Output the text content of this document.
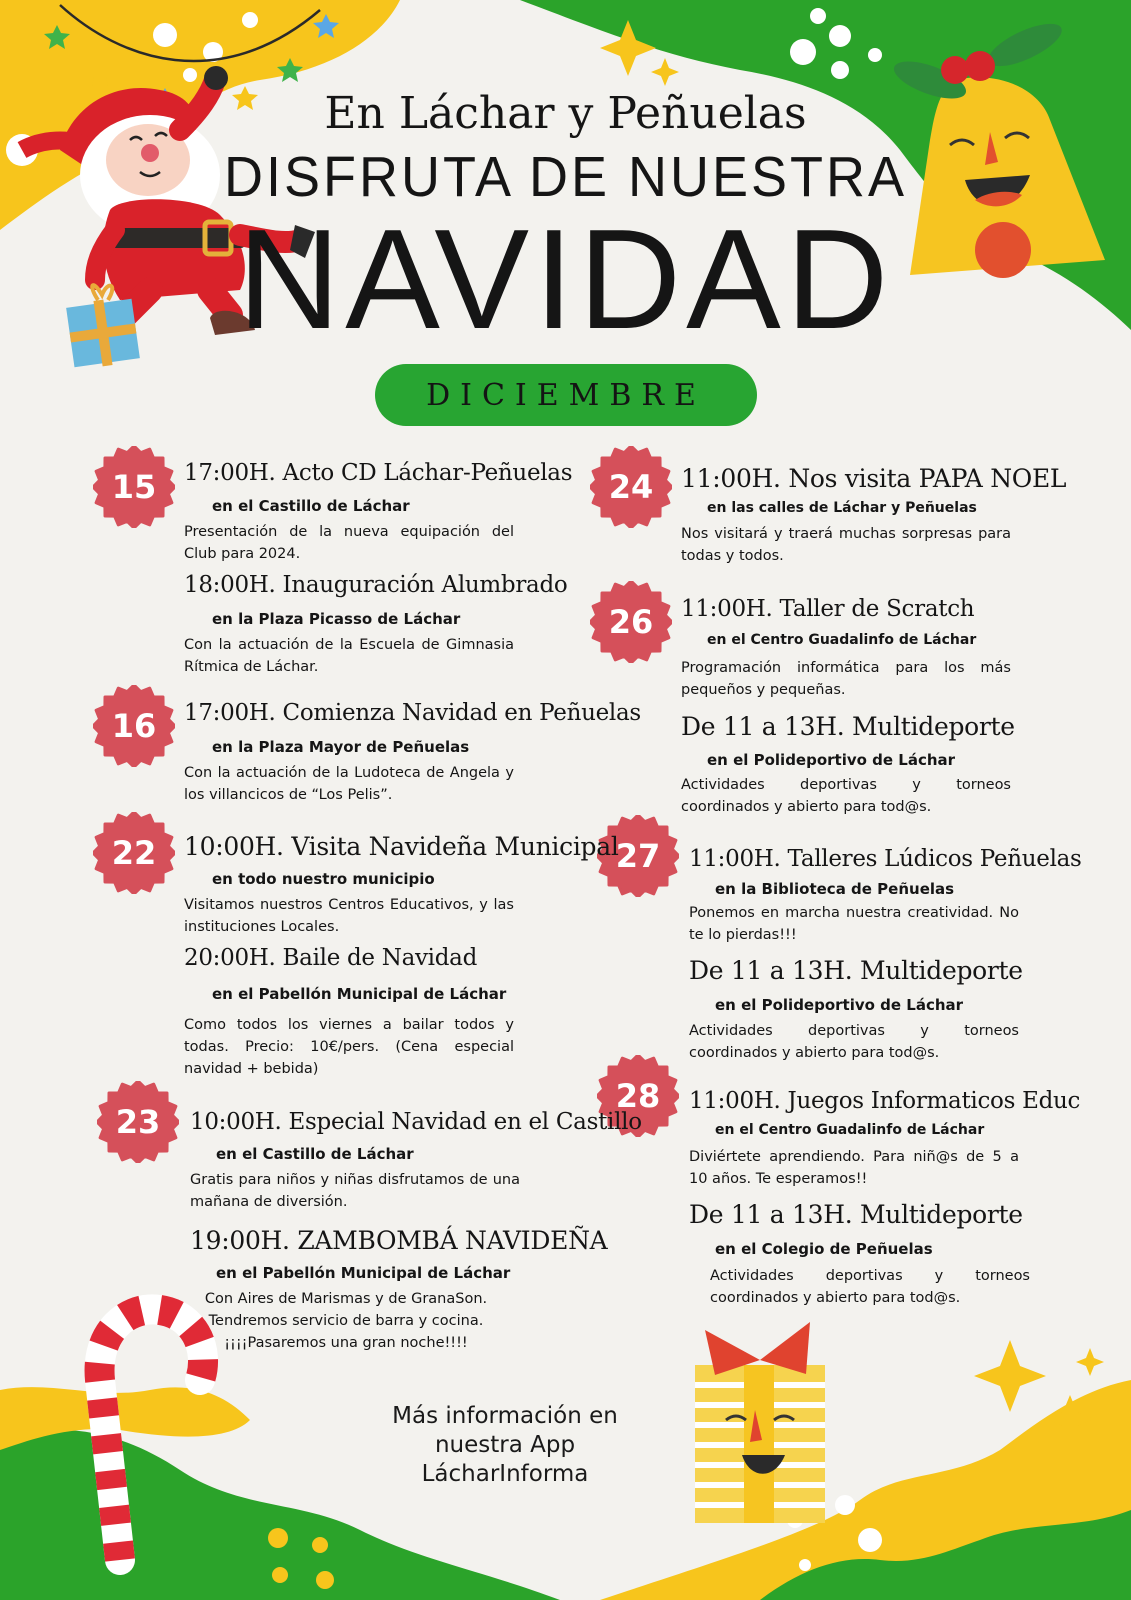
En Láchar y Peñuelas
DISFRUTA DE NUESTRA
NAVIDAD
DICIEMBRE
15
16
22
23
24
26
27
28
17:00H. Acto CD Láchar-Peñuelas
en el Castillo de Láchar
Presentación de la nueva equipación del Club para 2024.
18:00H. Inauguración Alumbrado
en la Plaza Picasso de Láchar
Con la actuación de la Escuela de Gimnasia Rítmica de Láchar.
17:00H. Comienza Navidad en Peñuelas
en la Plaza Mayor de Peñuelas
Con la actuación de la Ludoteca de Angela y los villancicos de “Los Pelis”.
10:00H. Visita Navideña Municipal
en todo nuestro municipio
Visitamos nuestros Centros Educativos, y las instituciones Locales.
20:00H. Baile de Navidad
en el Pabellón Municipal de Láchar
Como todos los viernes a bailar todos y todas. Precio: 10€/pers. (Cena especial navidad + bebida)
10:00H. Especial Navidad en el Castillo
en el Castillo de Láchar
Gratis para niños y niñas disfrutamos de una mañana de diversión.
19:00H. ZAMBOMBÁ NAVIDEÑA
en el Pabellón Municipal de Láchar
Con Aires de Marismas y de GranaSon. Tendremos servicio de barra y cocina. ¡¡¡¡Pasaremos una gran noche!!!!
11:00H. Nos visita PAPA NOEL
en las calles de Láchar y Peñuelas
Nos visitará y traerá muchas sorpresas para todas y todos.
11:00H. Taller de Scratch
en el Centro Guadalinfo de Láchar
Programación informática para los más pequeños y pequeñas.
De 11 a 13H. Multideporte
en el Polideportivo de Láchar
Actividades deportivas y torneos coordinados y abierto para tod@s.
11:00H. Talleres Lúdicos Peñuelas
en la Biblioteca de Peñuelas
Ponemos en marcha nuestra creatividad. No te lo pierdas!!!
De 11 a 13H. Multideporte
en el Polideportivo de Láchar
Actividades deportivas y torneos coordinados y abierto para tod@s.
11:00H. Juegos Informaticos Educ
en el Centro Guadalinfo de Láchar
Diviértete aprendiendo. Para niñ@s de 5 a 10 años. Te esperamos!!
De 11 a 13H. Multideporte
en el Colegio de Peñuelas
Actividades deportivas y torneos coordinados y abierto para tod@s.
Más información en
nuestra App
LácharInforma
